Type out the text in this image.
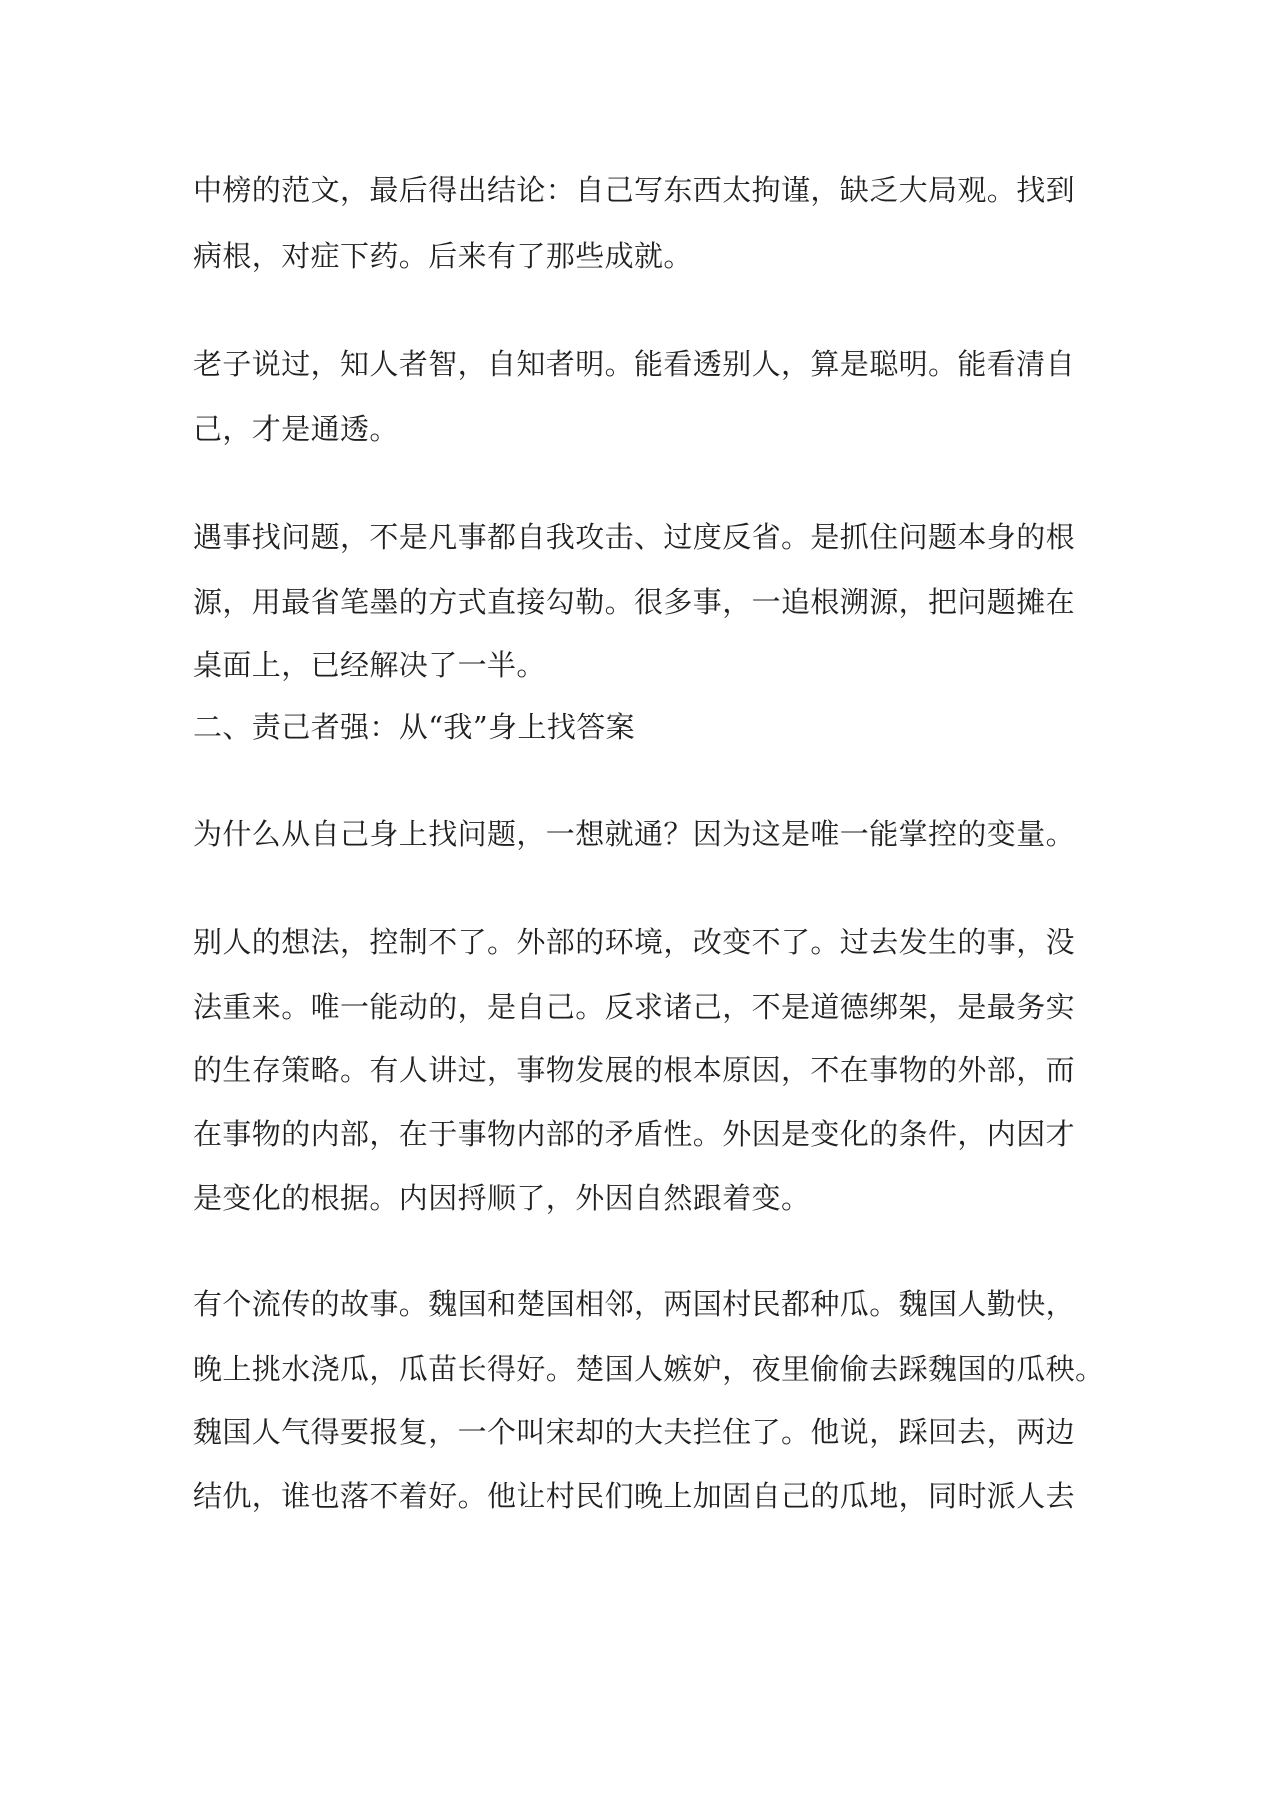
中榜的范文，最后得出结论：自己写东西太拘谨，缺乏大局观。找到

病根，对症下药。后来有了那些成就。

老子说过，知人者智，自知者明。能看透别人，算是聪明。能看清自

己，才是通透。

遇事找问题，不是凡事都自我攻击、过度反省。是抓住问题本身的根

源，用最省笔墨的方式直接勾勒。很多事，一追根溯源，把问题摊在

桌面上，已经解决了一半。

二、责己者强：从“我”身上找答案

为什么从自己身上找问题，一想就通？因为这是唯一能掌控的变量。

别人的想法，控制不了。外部的环境，改变不了。过去发生的事，没

法重来。唯一能动的，是自己。反求诸己，不是道德绑架，是最务实

的生存策略。有人讲过，事物发展的根本原因，不在事物的外部，而

在事物的内部，在于事物内部的矛盾性。外因是变化的条件，内因才

是变化的根据。内因捋顺了，外因自然跟着变。

有个流传的故事。魏国和楚国相邻，两国村民都种瓜。魏国人勤快，

晚上挑水浇瓜，瓜苗长得好。楚国人嫉妒，夜里偷偷去踩魏国的瓜秧。

魏国人气得要报复，一个叫宋却的大夫拦住了。他说，踩回去，两边

结仇，谁也落不着好。他让村民们晚上加固自己的瓜地，同时派人去
